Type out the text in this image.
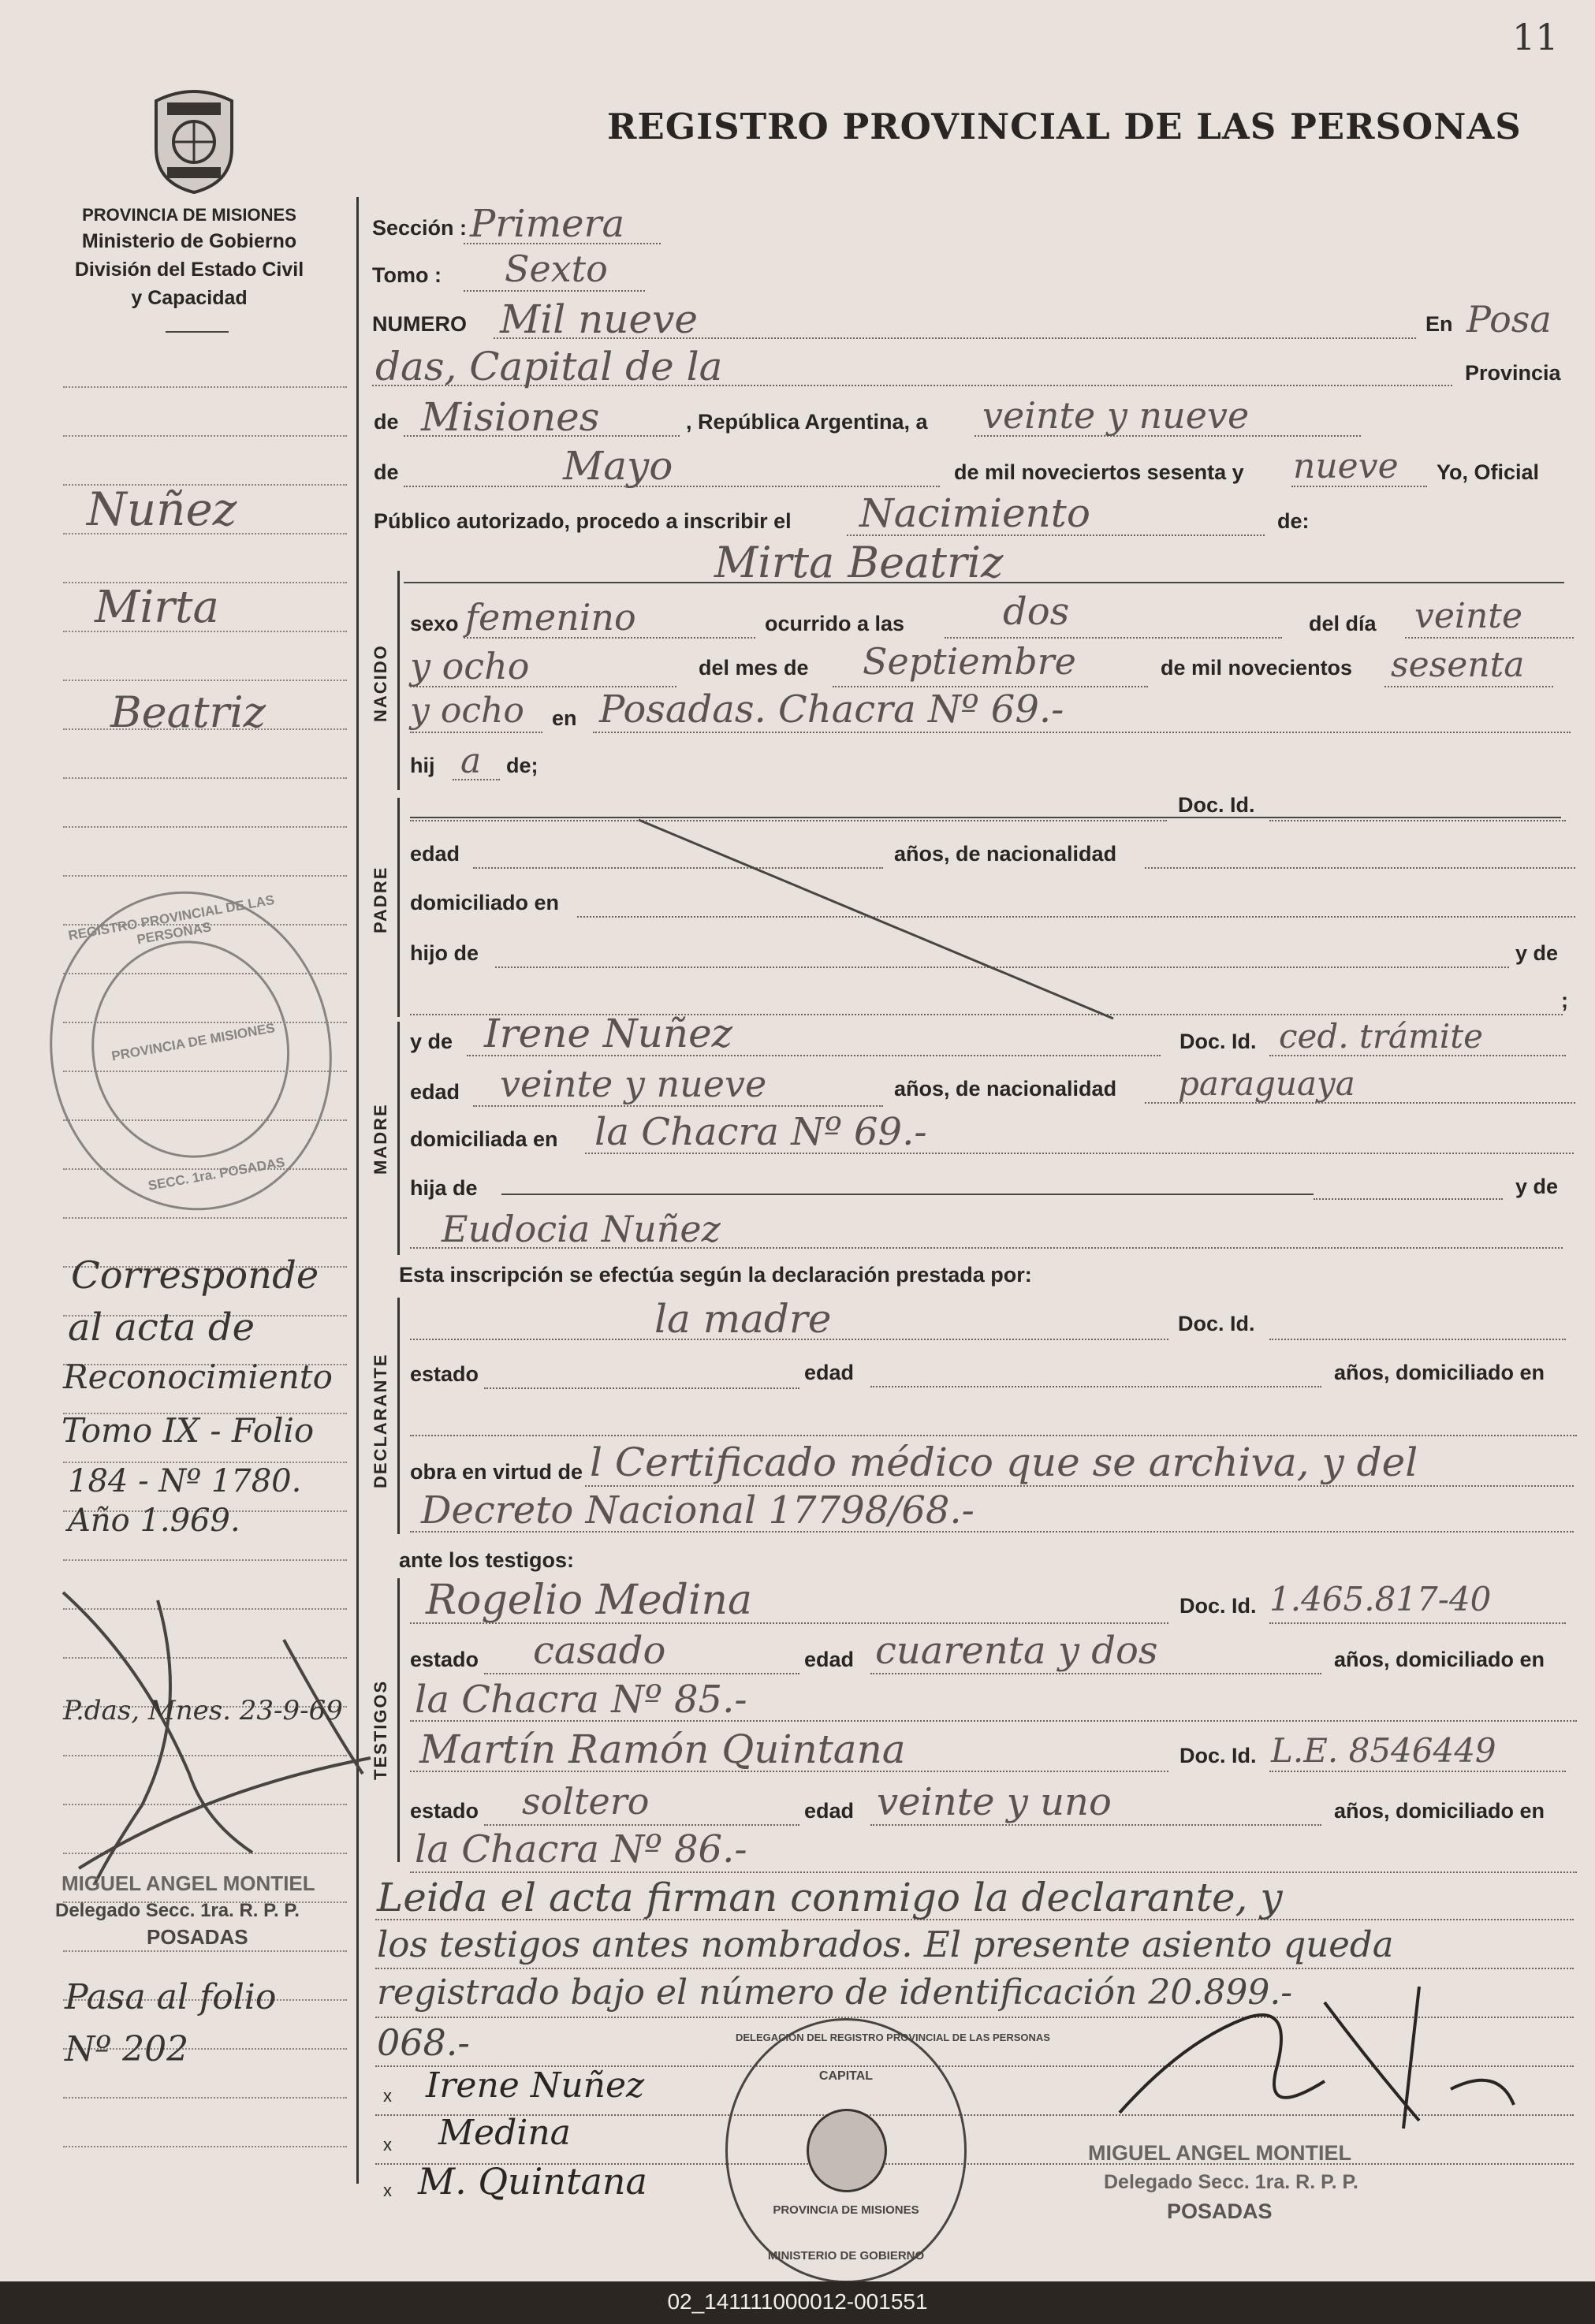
11
REGISTRO PROVINCIAL DE LAS PERSONAS
PROVINCIA DE MISIONES
Ministerio de Gobierno
División del Estado Civil
y Capacidad
Nuñez
Mirta
Beatriz
REGISTRO PROVINCIAL DE LAS PERSONAS
PROVINCIA DE MISIONES
SECC. 1ra. POSADAS
Corresponde
al acta de
Reconocimiento
Tomo IX - Folio
184 - Nº 1780.
Año 1.969.
P.das, Mnes. 23-9-69
MIGUEL ANGEL MONTIEL
Delegado Secc. 1ra. R. P. P.
POSADAS
Pasa al folio
Nº 202
Sección : Primera
Tomo : Sexto
NUMERO Mil nueve	En Posa
das, Capital de la	Provincia
de Misiones	, República Argentina, a veinte y nueve
de	Mayo	de mil noveciertos sesenta y nueve Yo, Oficial
Público autorizado, procedo a inscribir el Nacimiento	de:
Mirta Beatriz
NACIDO
sexo femenino	ocurrido a las	dos	del día veinte
y ocho	del mes de Septiembre	de mil novecientos sesenta
y ocho en Posadas. Chacra Nº 69.-
hij a de;
PADRE
Doc. Id.
edad	años, de nacionalidad
domiciliado en
hijo de	y de
;
MADRE
y de Irene Nuñez	Doc. Id. ced. trámite
edad veinte y nueve	años, de nacionalidad paraguaya
domiciliada en la Chacra Nº 69.-
hija de	y de
Eudocia Nuñez
Esta inscripción se efectúa según la declaración prestada por:
DECLARANTE
la madre	Doc. Id.
estado	edad	años, domiciliado en
obra en virtud de l Certificado médico que se archiva, y del
Decreto Nacional 17798/68.-
ante los testigos:
TESTIGOS
Rogelio Medina	Doc. Id. 1.465.817-40
estado casado	edad cuarenta y dos	años, domiciliado en
la Chacra Nº 85.-
Martín Ramón Quintana	Doc. Id. L.E. 8546449
estado soltero	edad veinte y uno	años, domiciliado en
la Chacra Nº 86.-
Leida el acta firman conmigo la declarante, y
los testigos antes nombrados. El presente asiento queda
registrado bajo el número de identificación 20.899.-
068.-
x Irene Nuñez
x Medina
x M. Quintana
DELEGACION DEL REGISTRO PROVINCIAL DE LAS PERSONAS
CAPITAL
PROVINCIA DE MISIONES
MINISTERIO DE GOBIERNO
MIGUEL ANGEL MONTIEL
Delegado Secc. 1ra. R. P. P.
POSADAS
02_141111000012-001551
